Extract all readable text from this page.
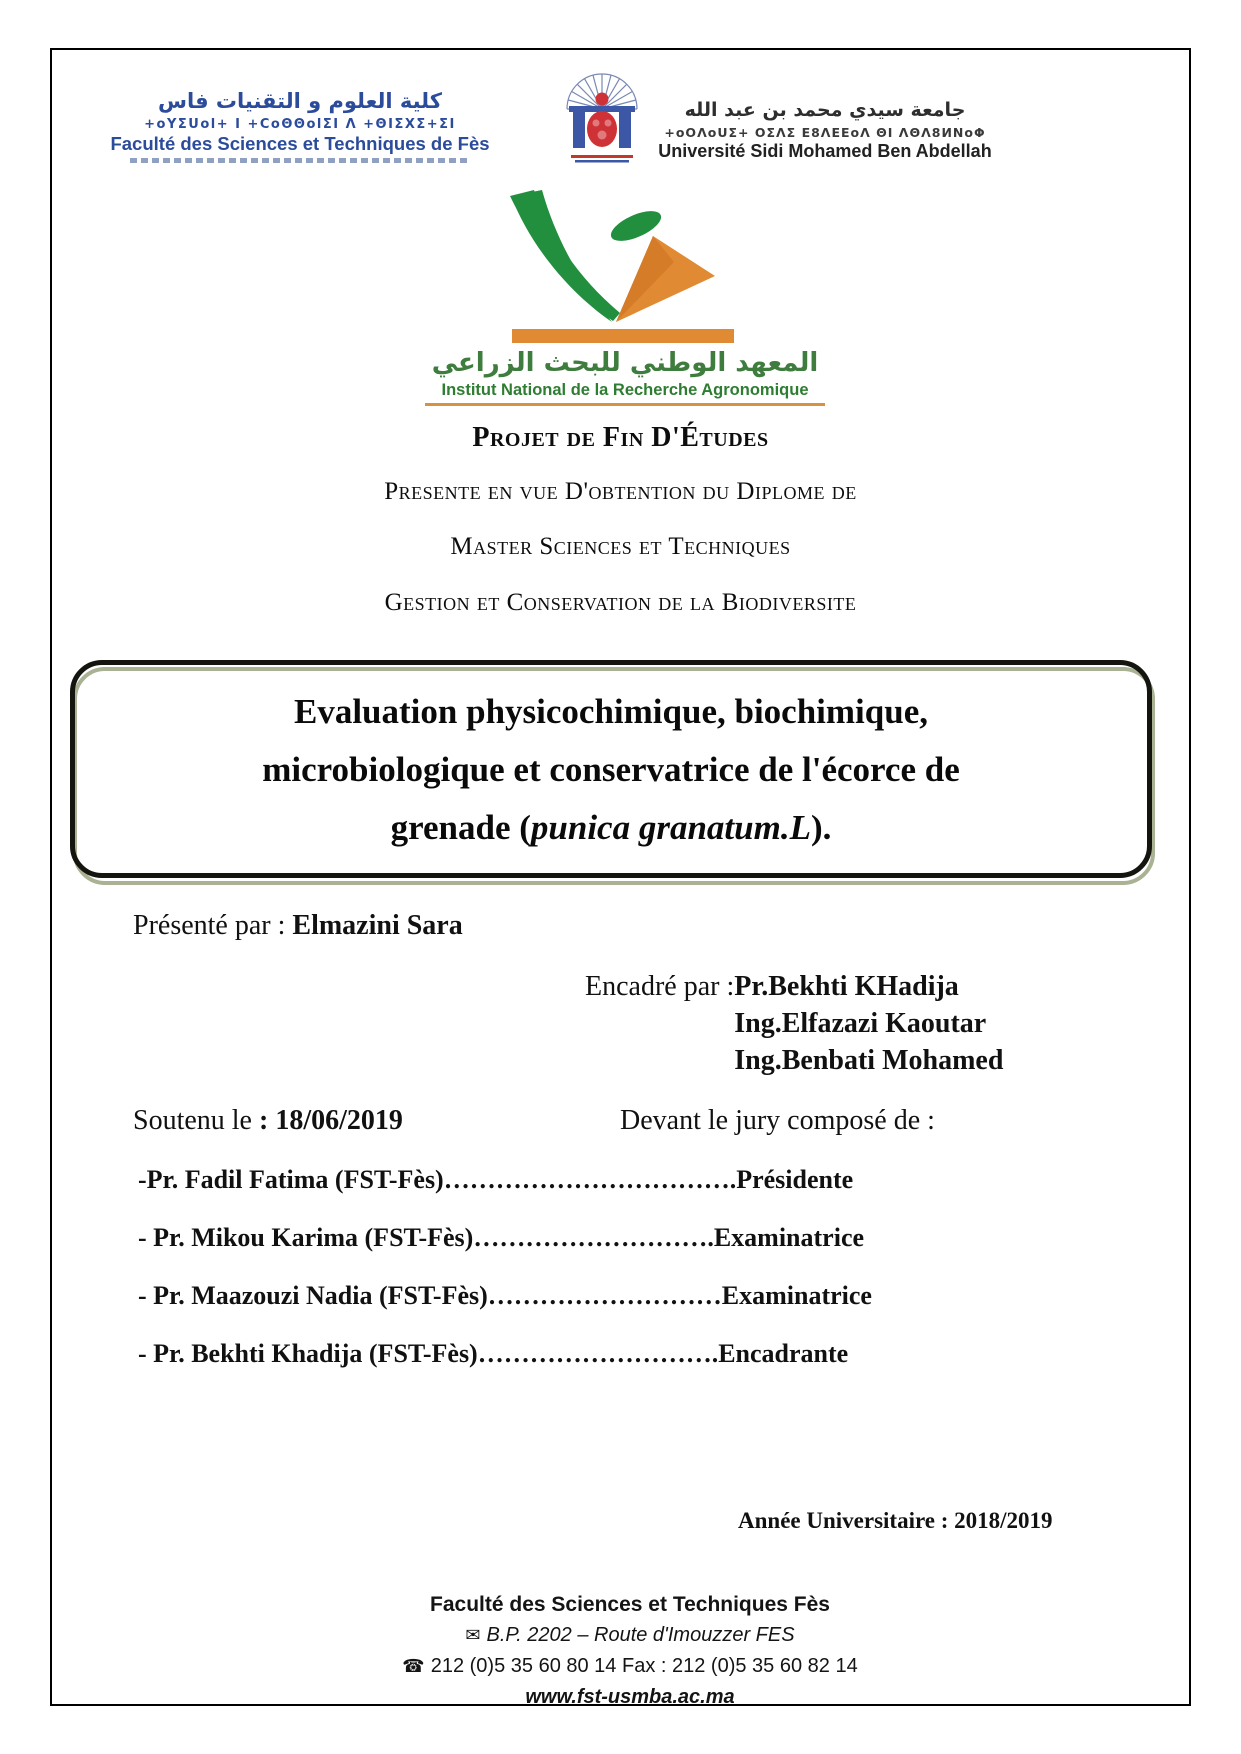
كلية العلوم و التقنيات فاس
+oYΣUol+ I +CoΘΘolΣI Λ +ΘIΣXΣ+ΣI
Faculté des Sciences et Techniques de Fès
جامعة سيدي محمد بن عبد الله
+oOΛoUΣ+ OΣΛΣ Ε8ΛΕΕoΛ ΘΙ ΛΘΛ8ИΝoΦ
Université Sidi Mohamed Ben Abdellah
المعهد الوطني للبحث الزراعي
Institut National de la Recherche Agronomique
Projet de Fin D'Études
Presente en vue D'obtention du Diplome de
Master Sciences et Techniques
Gestion et Conservation de la Biodiversite
Evaluation physicochimique, biochimique,
microbiologique et conservatrice de l'écorce de
grenade (punica granatum.L).
Présenté par : Elmazini Sara
Encadré par : Pr.Bekhti KHadija
Ing.Elfazazi Kaoutar
Ing.Benbati Mohamed
Soutenu le : 18/06/2019	Devant le jury composé de :
-Pr. Fadil Fatima (FST-Fès)…………………………….Présidente
- Pr. Mikou Karima (FST-Fès)……………………….Examinatrice
- Pr. Maazouzi Nadia (FST-Fès)………………………Examinatrice
- Pr. Bekhti Khadija (FST-Fès)……………………….Encadrante
Année Universitaire : 2018/2019
Faculté des Sciences et Techniques Fès
✉ B.P. 2202 – Route d'Imouzzer FES
☎ 212 (0)5 35 60 80 14 Fax : 212 (0)5 35 60 82 14
www.fst-usmba.ac.ma
